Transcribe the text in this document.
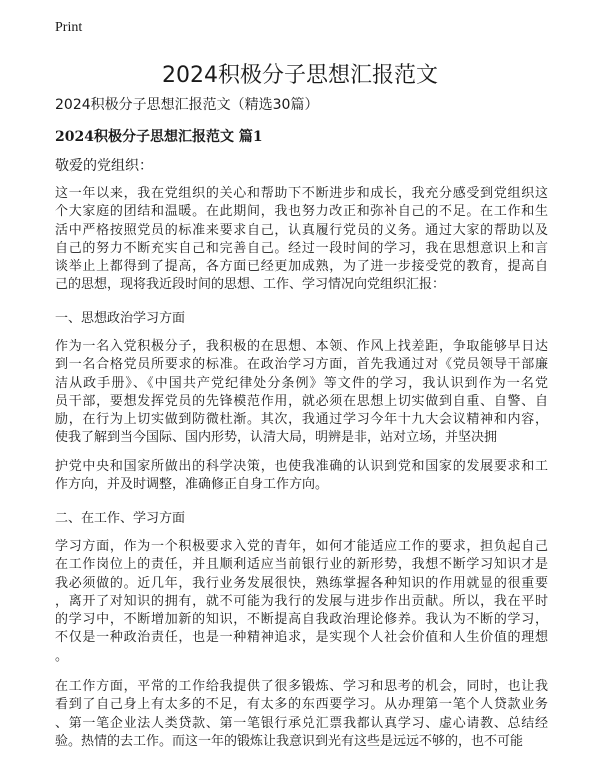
Print
2024积极分子思想汇报范文
2024积极分子思想汇报范文（精选30篇）
2024积极分子思想汇报范文 篇1
敬爱的党组织：
这一年以来，我在党组织的关心和帮助下不断进步和成长，我充分感受到党组织这
个大家庭的团结和温暖。在此期间，我也努力改正和弥补自己的不足。在工作和生
活中严格按照党员的标准来要求自己，认真履行党员的义务。通过大家的帮助以及
自己的努力不断充实自己和完善自己。经过一段时间的学习，我在思想意识上和言
谈举止上都得到了提高，各方面已经更加成熟，为了进一步接受党的教育，提高自
己的思想，现将我近段时间的思想、工作、学习情况向党组织汇报：
一、思想政治学习方面
作为一名入党积极分子，我积极的在思想、本领、作风上找差距，争取能够早日达
到一名合格党员所要求的标准。在政治学习方面，首先我通过对《党员领导干部廉
洁从政手册》、《中国共产党纪律处分条例》等文件的学习，我认识到作为一名党
员干部，要想发挥党员的先锋模范作用，就必须在思想上切实做到自重、自警、自
励，在行为上切实做到防微杜渐。其次，我通过学习今年十九大会议精神和内容，
使我了解到当今国际、国内形势，认清大局，明辨是非，站对立场，并坚决拥
护党中央和国家所做出的科学决策，也使我准确的认识到党和国家的发展要求和工
作方向，并及时调整，准确修正自身工作方向。
二、在工作、学习方面
学习方面，作为一个积极要求入党的青年，如何才能适应工作的要求，担负起自己
在工作岗位上的责任，并且顺利适应当前银行业的新形势，我想不断学习知识才是
我必须做的。近几年，我行业务发展很快，熟练掌握各种知识的作用就显的很重要
，离开了对知识的拥有，就不可能为我行的发展与进步作出贡献。所以，我在平时
的学习中，不断增加新的知识，不断提高自我政治理论修养。我认为不断的学习，
不仅是一种政治责任，也是一种精神追求，是实现个人社会价值和人生价值的理想
。
在工作方面，平常的工作给我提供了很多锻炼、学习和思考的机会，同时，也让我
看到了自己身上有太多的不足，有太多的东西要学习。从办理第一笔个人贷款业务
、第一笔企业法人类贷款、第一笔银行承兑汇票我都认真学习、虚心请教、总结经
验。热情的去工作。而这一年的锻炼让我意识到光有这些是远远不够的，也不可能
